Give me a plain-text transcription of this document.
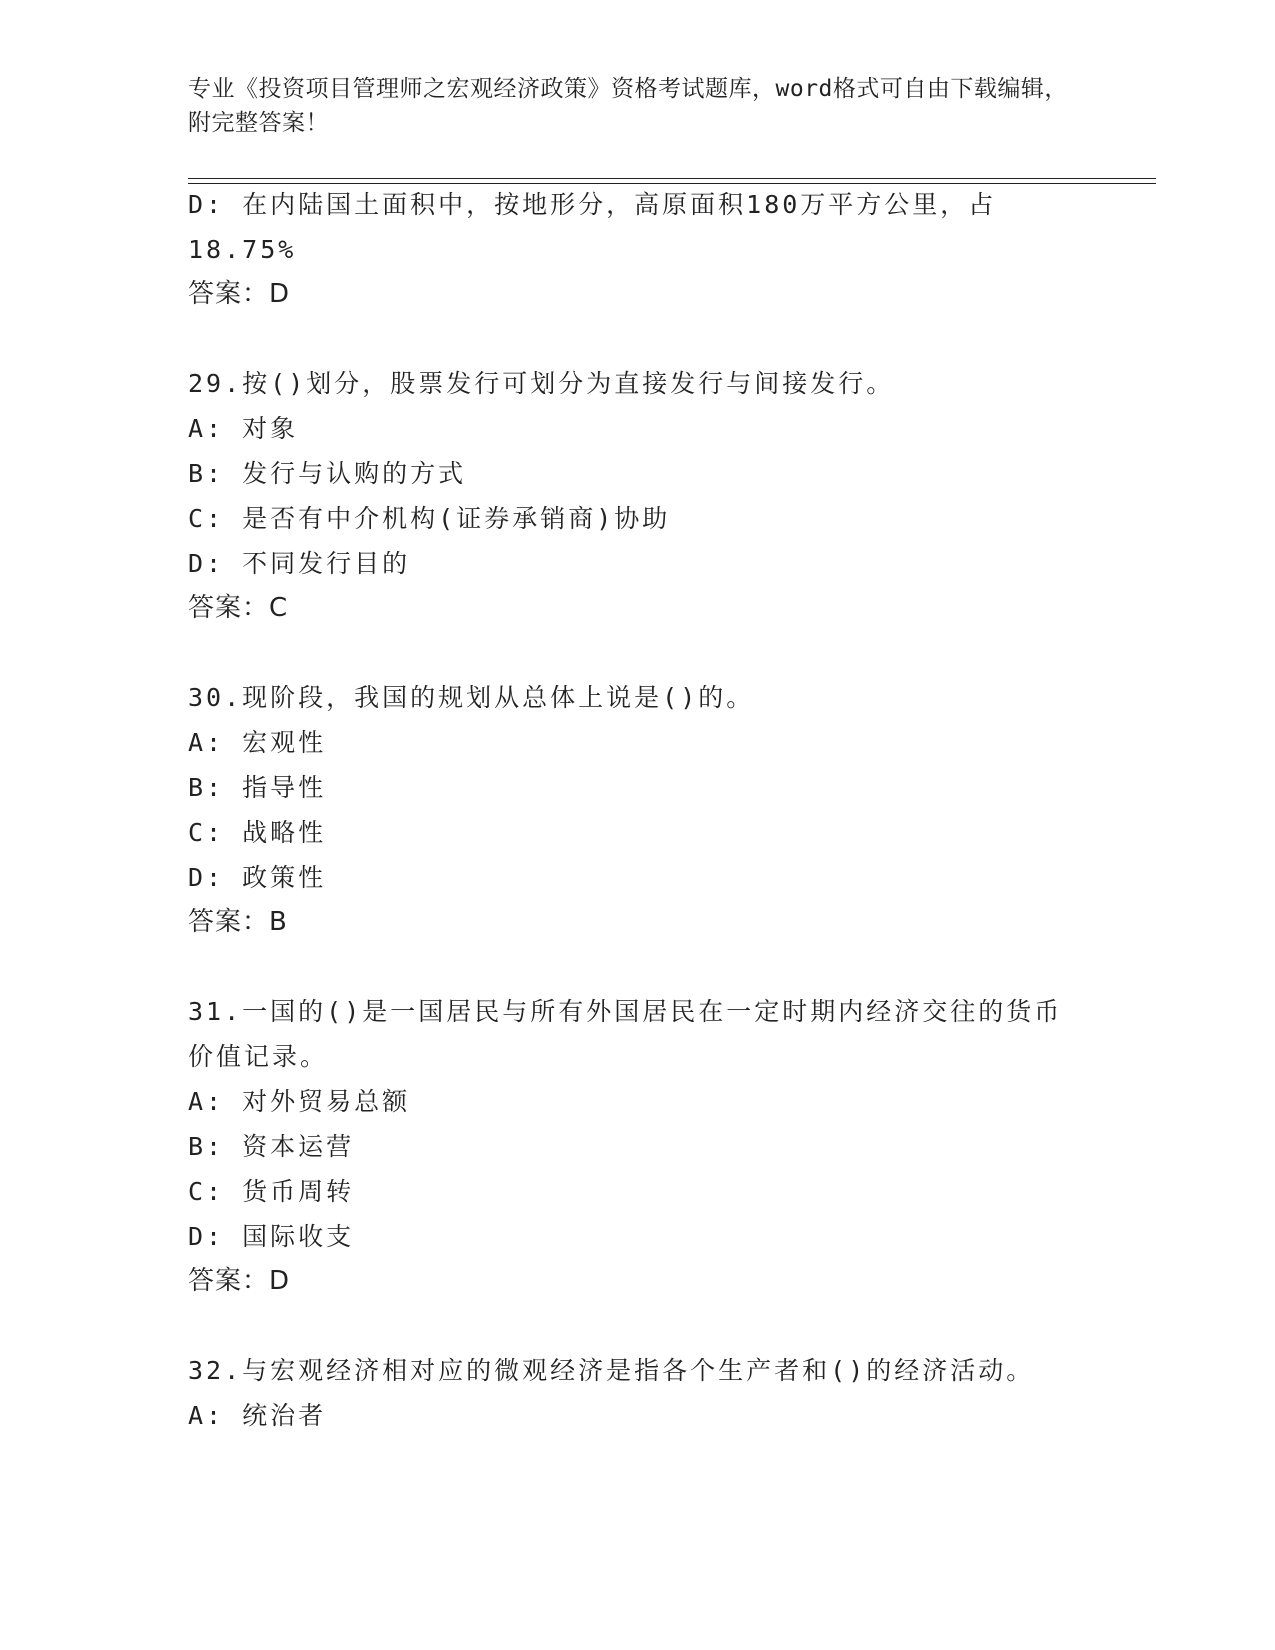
专业《投资项目管理师之宏观经济政策》资格考试题库，word格式可自由下载编辑，附完整答案！
D: 在内陆国土面积中，按地形分，高原面积180万平方公里，占
18.75%
答案：D
29.按()划分，股票发行可划分为直接发行与间接发行。
A: 对象
B: 发行与认购的方式
C: 是否有中介机构(证券承销商)协助
D: 不同发行目的
答案：C
30.现阶段，我国的规划从总体上说是()的。
A: 宏观性
B: 指导性
C: 战略性
D: 政策性
答案：B
31.一国的()是一国居民与所有外国居民在一定时期内经济交往的货币
价值记录。
A: 对外贸易总额
B: 资本运营
C: 货币周转
D: 国际收支
答案：D
32.与宏观经济相对应的微观经济是指各个生产者和()的经济活动。
A: 统治者
